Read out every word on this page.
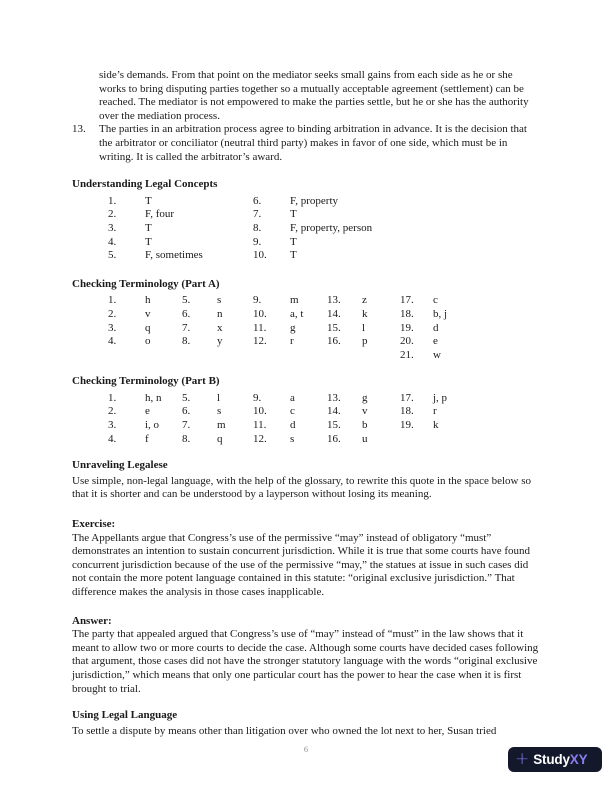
side’s demands. From that point on the mediator seeks small gains from each side as he or she works to bring disputing parties together so a mutually acceptable agreement (settlement) can be reached. The mediator is not empowered to make the parties settle, but he or she has the authority over the mediation process.
13.	The parties in an arbitration process agree to binding arbitration in advance. It is the decision that the arbitrator or conciliator (neutral third party) makes in favor of one side, which must be in writing. It is called the arbitrator’s award.
Understanding Legal Concepts
1.	T	6.	F, property
2.	F, four	7.	T
3.	T	8.	F, property, person
4.	T	9.	T
5.	F, sometimes	10.	T
Checking Terminology (Part A)
1.	h	5.	s	9.	m	13.	z	17.	c
2.	v	6.	n	10.	a, t	14.	k	18.	b, j
3.	q	7.	x	11.	g	15.	l	19.	d
4.	o	8.	y	12.	r	16.	p	20.	e
21.	w
Checking Terminology (Part B)
1.	h, n	5.	l	9.	a	13.	g	17.	j, p
2.	e	6.	s	10.	c	14.	v	18.	r
3.	i, o	7.	m	11.	d	15.	b	19.	k
4.	f	8.	q	12.	s	16.	u
Unraveling Legalese

Use simple, non-legal language, with the help of the glossary, to rewrite this quote in the space below so that it is shorter and can be understood by a layperson without losing its meaning.

Exercise:

The Appellants argue that Congress’s use of the permissive “may” instead of obligatory “must” demonstrates an intention to sustain concurrent jurisdiction. While it is true that some courts have found concurrent jurisdiction because of the use of the permissive “may,” the statues at issue in such cases did not contain the more potent language contained in this statute: “original exclusive jurisdiction.” That difference makes the analysis in those cases inapplicable.

Answer:

The party that appealed argued that Congress’s use of “may” instead of “must” in the law shows that it meant to allow two or more courts to decide the case. Although some courts have decided cases following that argument, those cases did not have the stronger statutory language with the words “original exclusive jurisdiction,” which means that only one particular court has the power to hear the case when it is first brought to trial.

Using Legal Language

To settle a dispute by means other than litigation over who owned the lot next to her, Susan tried

6	+ StudyXY
